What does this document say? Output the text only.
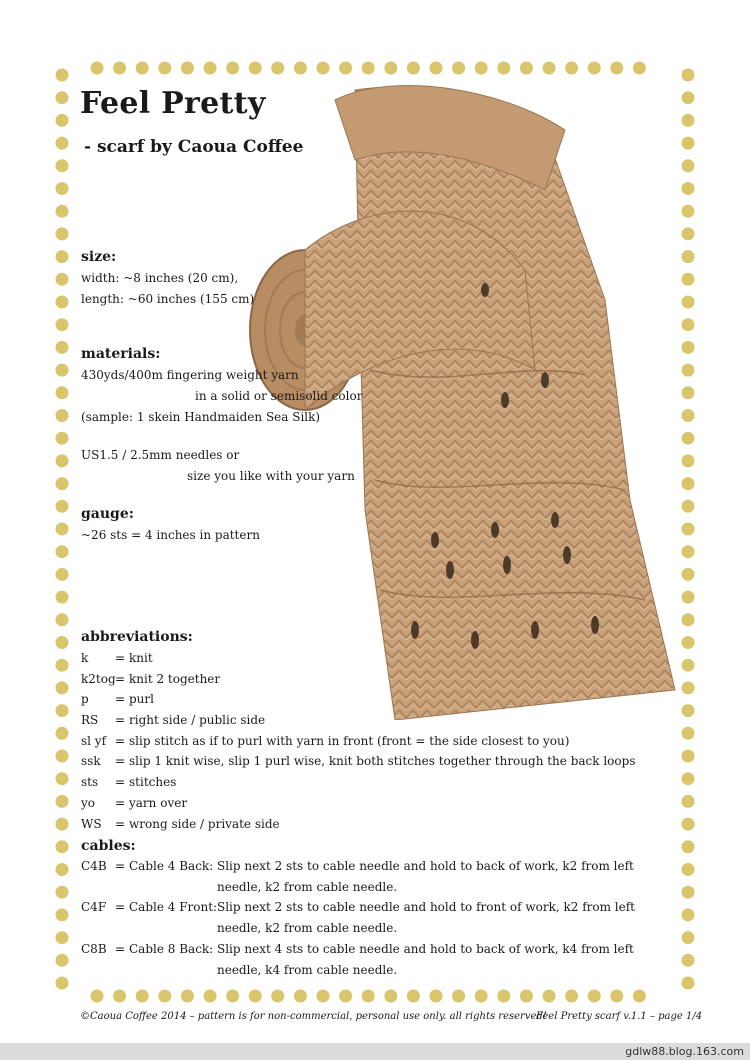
Feel Pretty
- scarf by Caoua Coffee
size:
width: ~8 inches (20 cm),
length: ~60 inches (155 cm)
materials:
430yds/400m fingering weight yarn
in a solid or semisolid color
(sample: 1 skein Handmaiden Sea Silk)
US1.5 / 2.5mm needles or
size you like with your yarn
gauge:
~26 sts = 4 inches in pattern
abbreviations:
k	= knit
k2tog = knit 2 together
p	= purl
RS	= right side / public side
sl yf = slip stitch as if to purl with yarn in front (front = the side closest to you)
ssk	= slip 1 knit wise, slip 1 purl wise, knit both stitches together through the back loops
sts	= stitches
yo	= yarn over
WS	= wrong side / private side
cables:
C4B = Cable 4 Back: Slip next 2 sts to cable needle and hold to back of work, k2 from left needle, k2 from cable needle.
C4F = Cable 4 Front: Slip next 2 sts to cable needle and hold to front of work, k2 from left needle, k2 from cable needle.
C8B = Cable 8 Back: Slip next 4 sts to cable needle and hold to back of work, k4 from left needle, k4 from cable needle.
©Caoua Coffee 2014 – pattern is for non-commercial, personal use only. all rights reserved!
Feel Pretty scarf v.1.1 – page 1/4
gdlw88.blog.163.com
